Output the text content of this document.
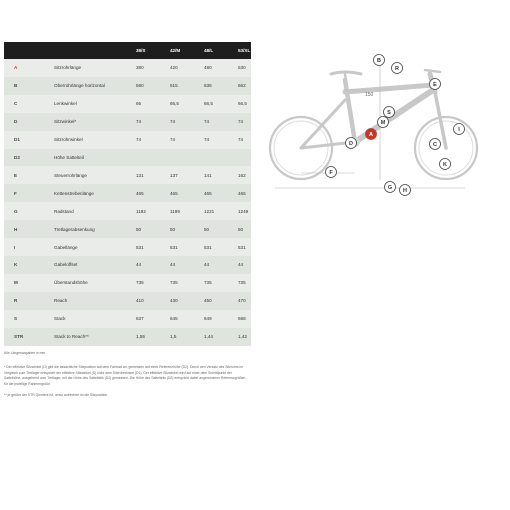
		38/S	42/M	48/L	53/XL
A	Sitzrohrlänge	380	420	480	530
B	Oberrohrlänge horizontal	580	615	636	662
C	Lenkwinkel	66	66,5	66,5	66,5
D	Sitzwinkel*	74	74	74	74
D1	Sitzrohrwinkel	74	74	74	74
D2	Höhe Sattelteil				
E	Steuerrohrlänge	131	137	141	162
F	Kettenstrebenlänge	465	465	465	465
G	Radstand	1182	1199	1221	1249
H	Tretlagerabsenkung	50	50	50	50
I	Gabellänge	531	531	531	531
K	Gabeloffset	44	44	44	44
M	Überstandshöhe	735	735	735	735
R	Reach	410	430	450	470
S	Stack	637	645	649	668
STR	Stack to Reach**	1,55	1,5	1,44	1,42

Alle Längenangaben in mm

* Der effektive Sitzwinkel (D) gibt die tatsächliche Sitzposition auf dem Fahrrad an, gemessen auf einer Referenzhöhe (D2). Durch den Versatz des Sitzrohrs im Vergleich zum Tretlager entspricht der effektive Sitzwinkel (D) nicht dem Sitzrohrwinkel (D1). Der effektive Sitzwinkel wird auf einer dem Schrittpunkt der Sattelhöhe, ausgehend vom Tretlager, mit der Höhe des Sattelteils (D2) gemessen. Die Höhe des Sattelteils (D2) entspricht dabei angenommen Referenzgrößen für die jeweilige Rahmengröße.

** je größer der STR Quotient ist, umso aufrechter ist die Sitzposition

150
B
R
E
S
M
A
I
D	C
F
G H
K
